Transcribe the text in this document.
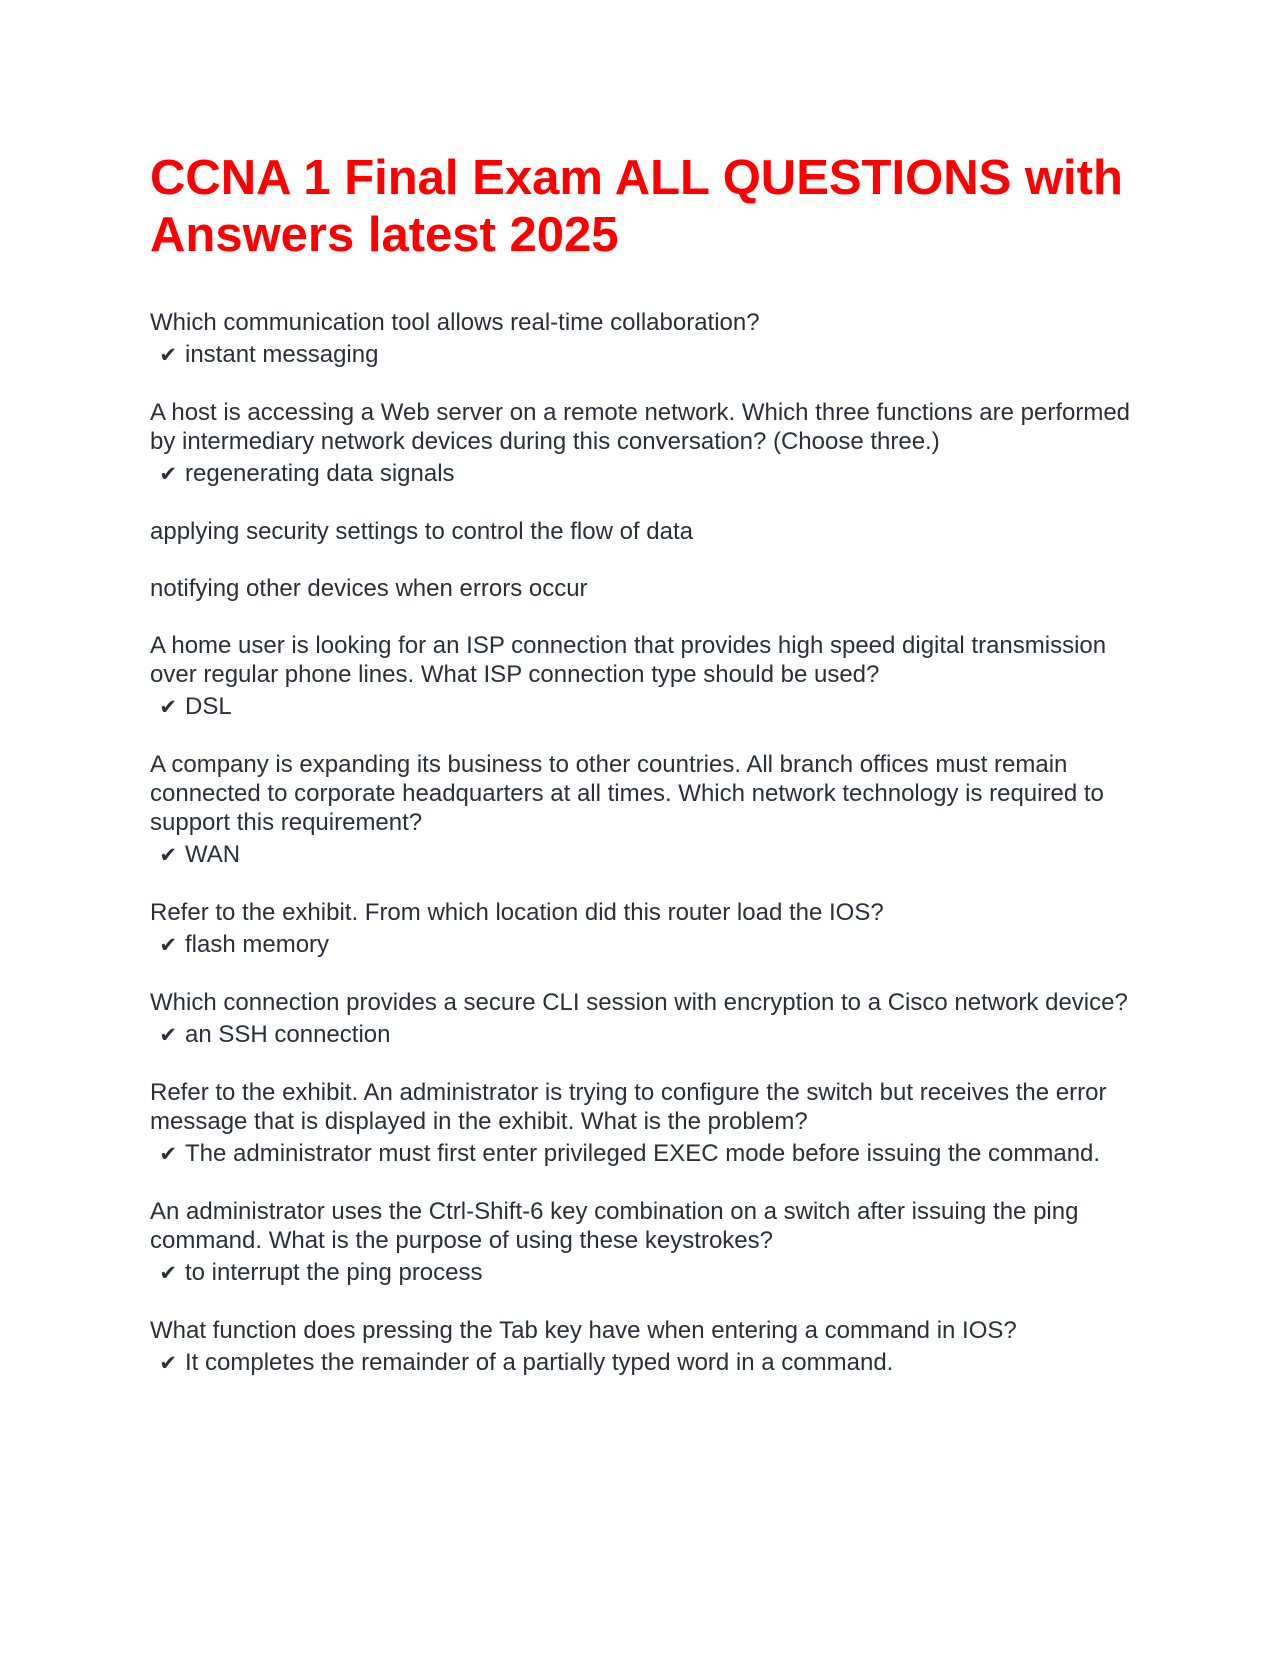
CCNA 1 Final Exam ALL QUESTIONS with Answers latest 2025
Which communication tool allows real-time collaboration?
✔ instant messaging
A host is accessing a Web server on a remote network. Which three functions are performed by intermediary network devices during this conversation? (Choose three.)
✔ regenerating data signals
applying security settings to control the flow of data
notifying other devices when errors occur
A home user is looking for an ISP connection that provides high speed digital transmission over regular phone lines. What ISP connection type should be used?
✔ DSL
A company is expanding its business to other countries. All branch offices must remain connected to corporate headquarters at all times. Which network technology is required to support this requirement?
✔ WAN
Refer to the exhibit. From which location did this router load the IOS?
✔ flash memory
Which connection provides a secure CLI session with encryption to a Cisco network device?
✔ an SSH connection
Refer to the exhibit. An administrator is trying to configure the switch but receives the error message that is displayed in the exhibit. What is the problem?
✔ The administrator must first enter privileged EXEC mode before issuing the command.
An administrator uses the Ctrl-Shift-6 key combination on a switch after issuing the ping command. What is the purpose of using these keystrokes?
✔ to interrupt the ping process
What function does pressing the Tab key have when entering a command in IOS?
✔ It completes the remainder of a partially typed word in a command.
